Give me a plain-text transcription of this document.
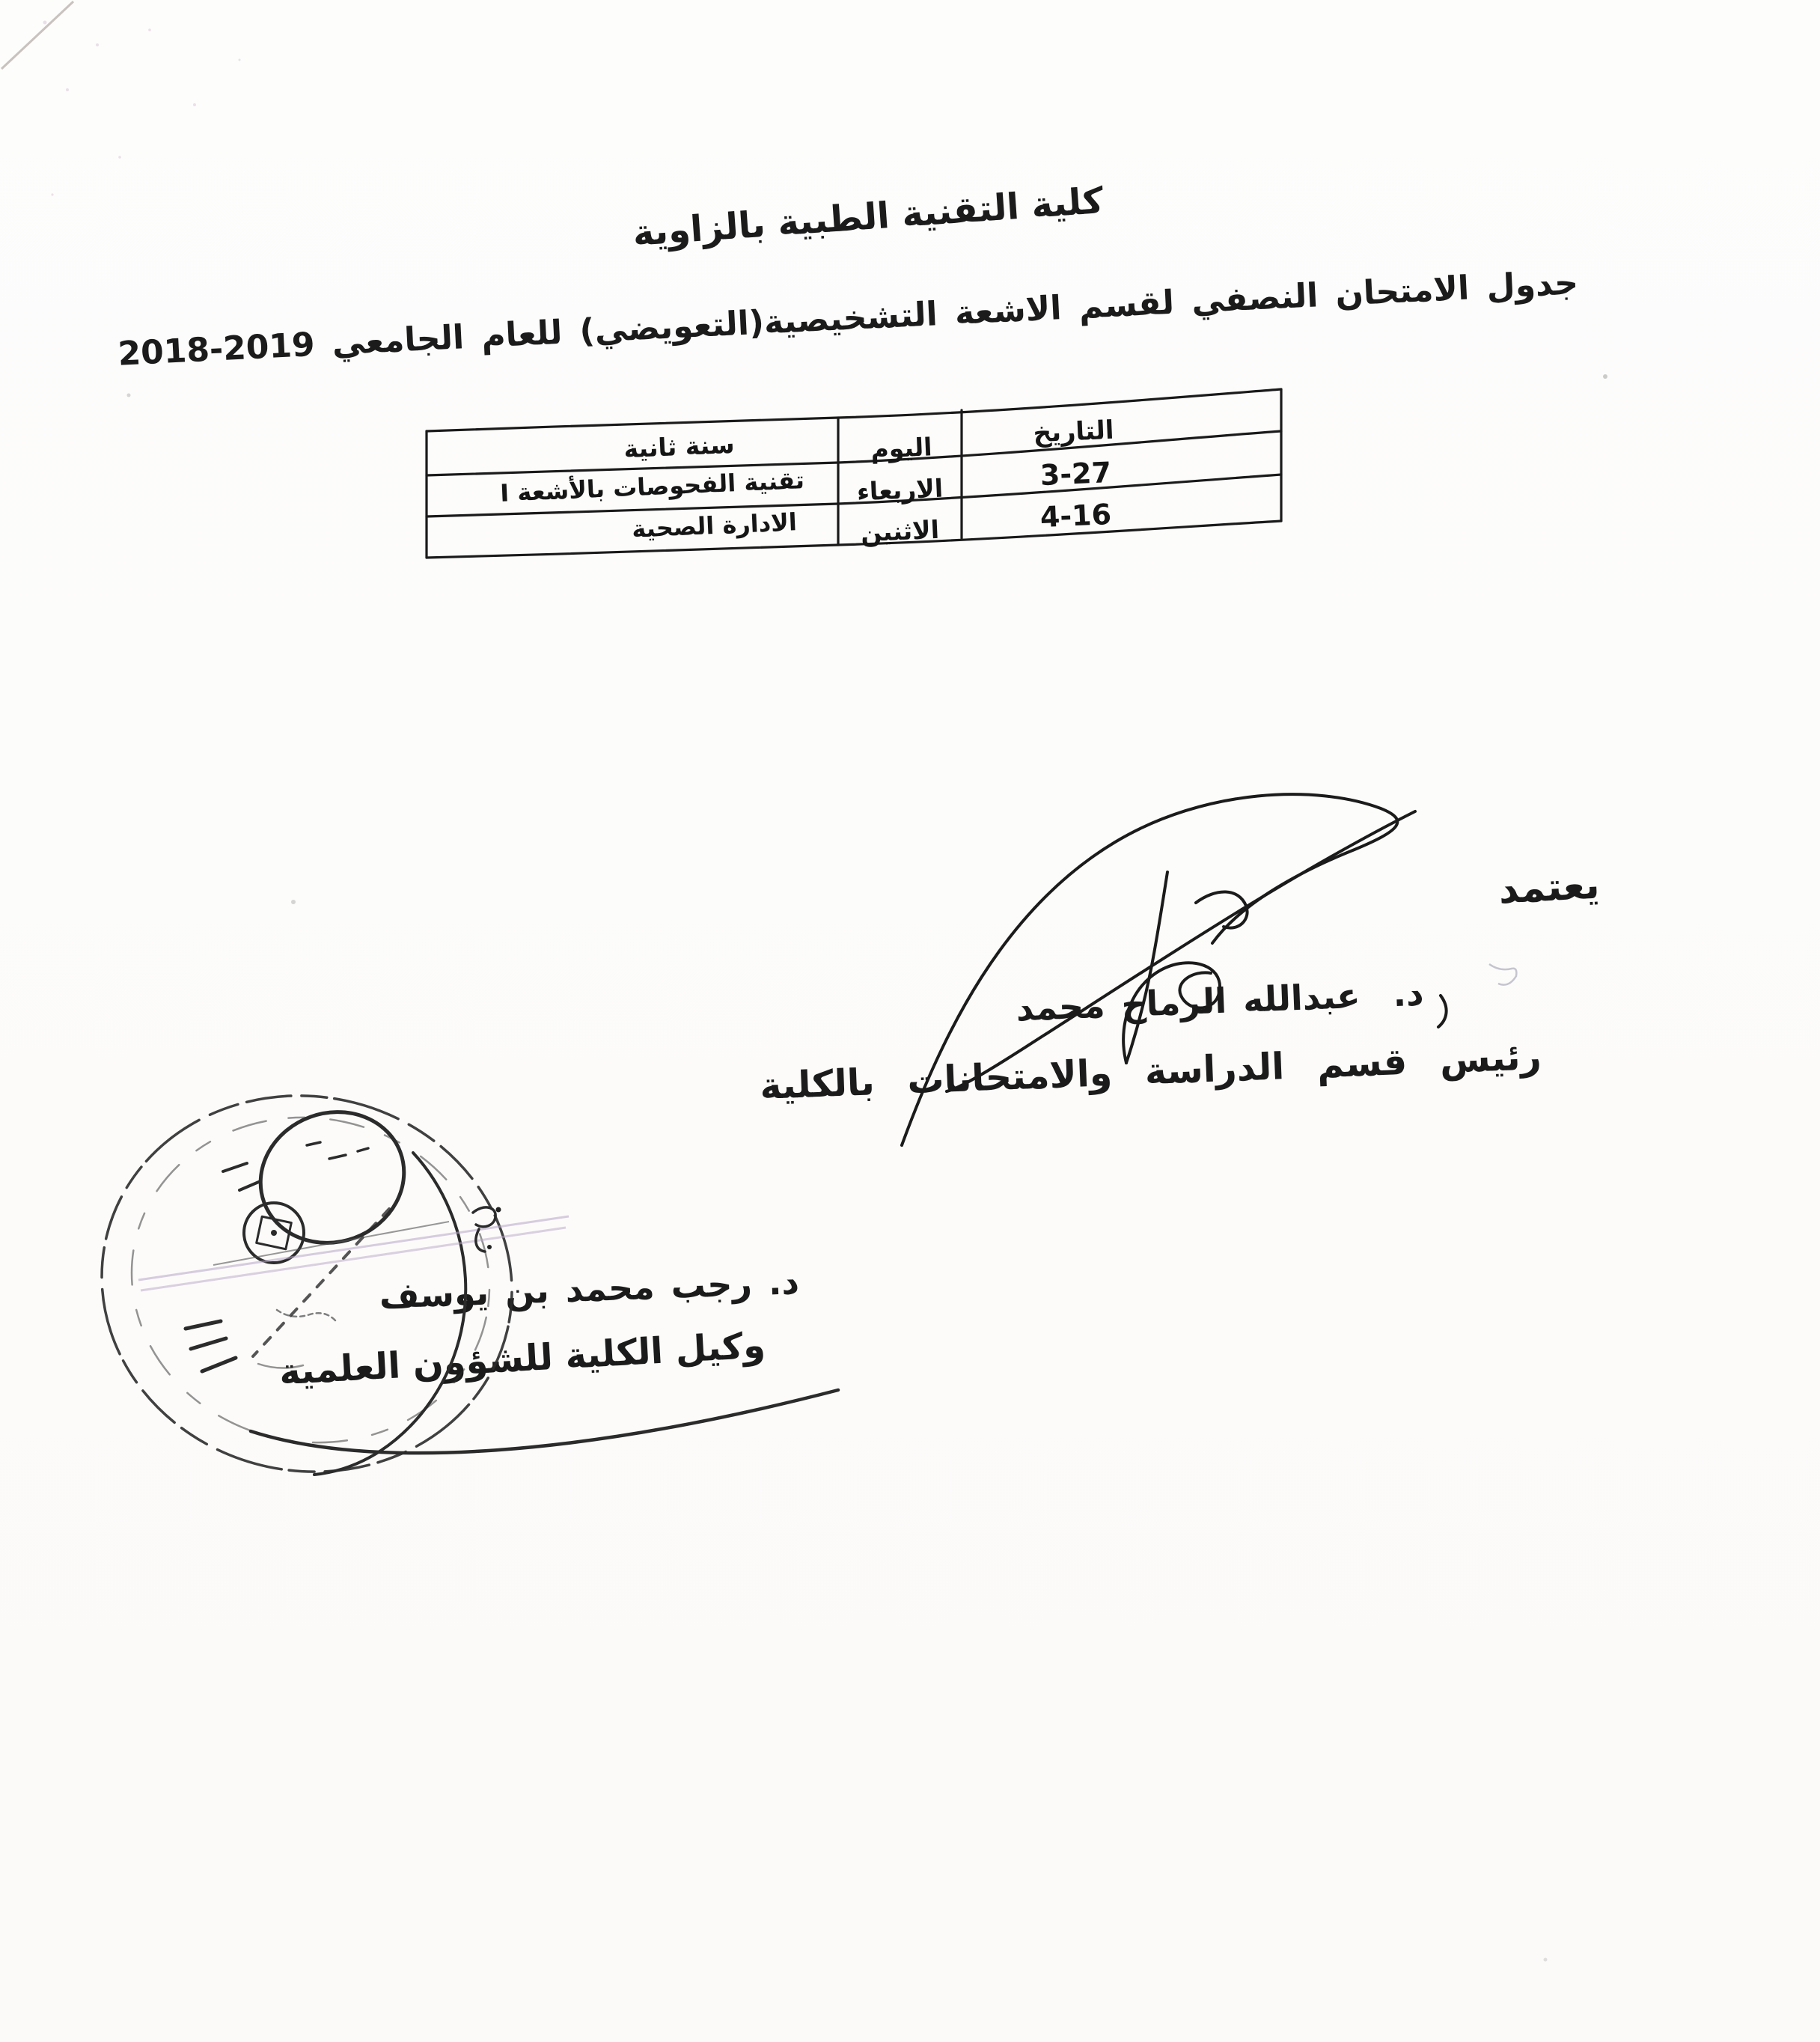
كلية التقنية الطبية بالزاوية
جدول الامتحان النصفي لقسم الاشعة التشخيصية
(التعويضي) للعام الجامعي 2019-2018
التاريخ
اليوم
سنة ثانية
3-27
الاربعاء
تقنية الفحوصات بالأشعة I
4-16
الاثنين
الادارة الصحية
يعتمد
د.  عبدالله الرماح محمد
رئيس قسم الدراسة والامتحانات بالكلية
د. رجب محمد بن يوسف
وكيل الكلية للشؤون العلمية
